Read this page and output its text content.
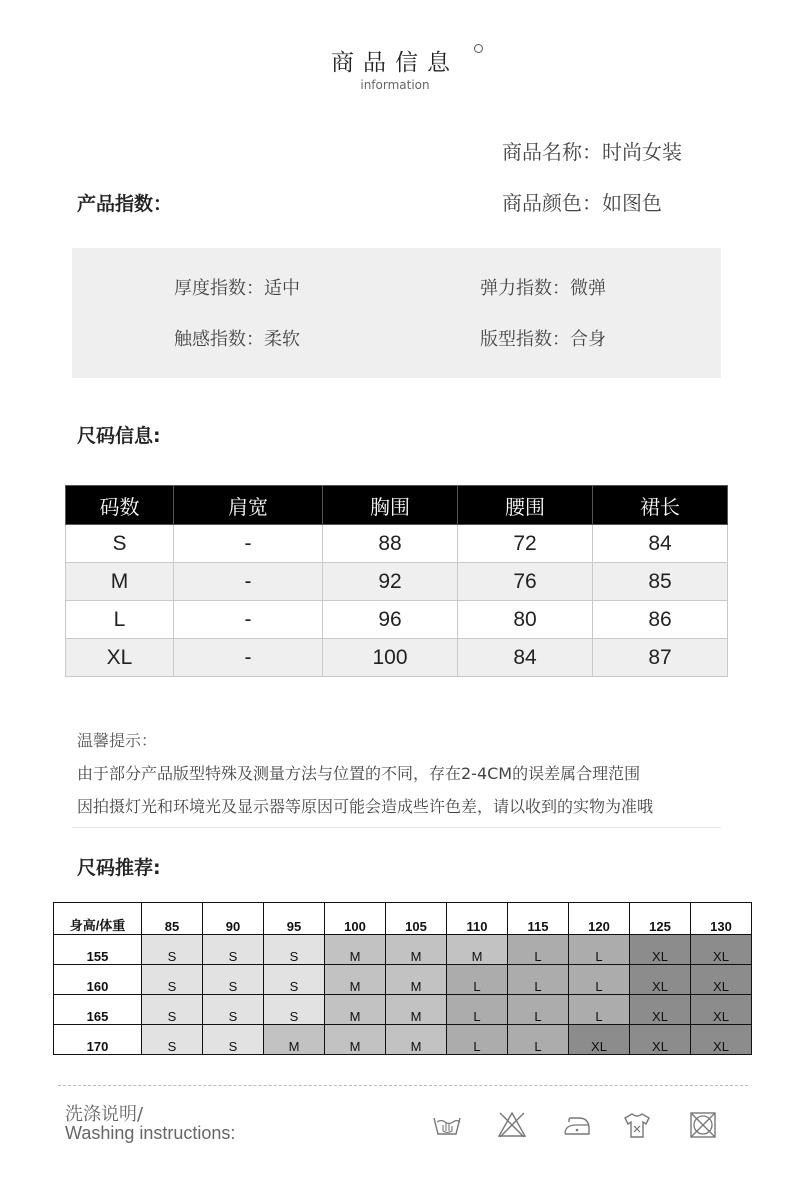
商品信息
information
商品名称：时尚女装
产品指数：	商品颜色：如图色
厚度指数：适中	弹力指数：微弹
触感指数：柔软	版型指数：合身
尺码信息:
码数	肩宽	胸围	腰围	裙长
S	-	88	72	84
M	-	92	76	85
L	-	96	80	86
XL	-	100	84	87
温馨提示：
由于部分产品版型特殊及测量方法与位置的不同，存在2-4CM的误差属合理范围
因拍摄灯光和环境光及显示器等原因可能会造成些许色差，请以收到的实物为准哦
尺码推荐:
身高/体重	85	90	95	100	105	110	115	120	125	130
155	S	S	S	M	M	M	L	L	XL	XL
160	S	S	S	M	M	L	L	L	XL	XL
165	S	S	S	M	M	L	L	L	XL	XL
170	S	S	M	M	M	L	L	XL	XL	XL
洗涤说明/
Washing instructions:
